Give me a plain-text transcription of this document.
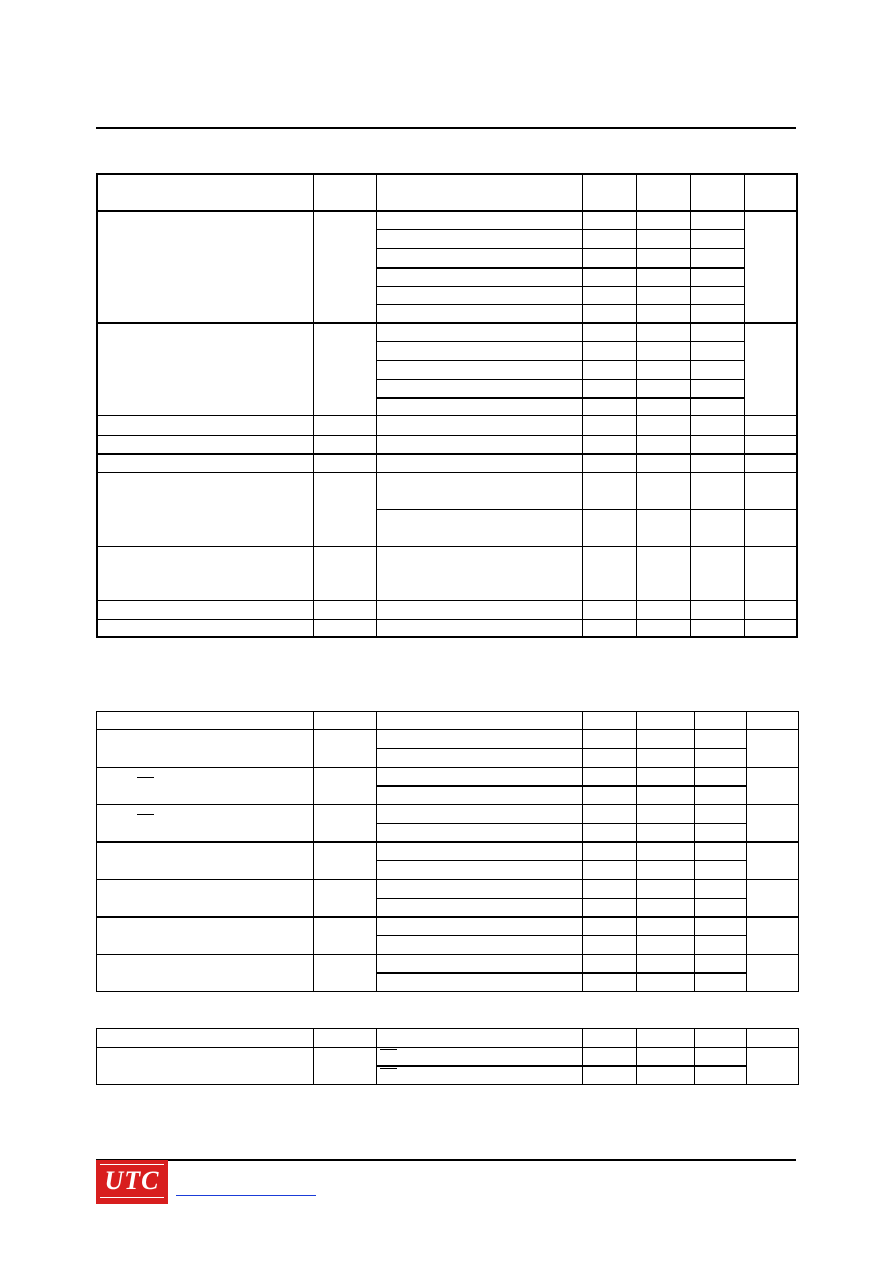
UTC
